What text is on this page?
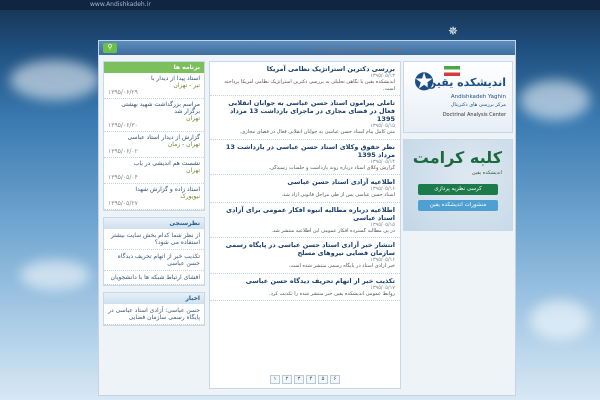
www.Andishkadeh.ir
✵
⚲
صفحه نخست درباره ما ارتباط با ما
برنامه ها
استاد پیدا از دیدار با
تیر - تهران
۱۳۹۵/۰۶/۲۹
مراسم بزرگداشت شهید بهشتی برگزار شد
تهران
۱۳۹۵/۰۶/۳۰
گزارش از دیدار استاد عباسی
تهران - زمان
۱۳۹۵/۰۶/۰۲
نشست هم اندیشی در باب
تهران
۱۳۹۵/۰۵/۰۴
استاد زاده و گزارش شهدا
نیویورک
۱۳۹۵/۰۵/۲۷
نظرسنجی
از نظر شما کدام بخش سایت بیشتر استفاده می شود؟
تکذیب خبر از اتهام تحریف دیدگاه حسن عباسی
افشای ارتباط شبکه ها با دانشجویان
اخبار
حسن عباسی: آزادی استاد عباسی در پایگاه رسمی سازمان فضایی
بررسی دکترین استراتژیک نظامی آمریکا
۱۳۹۵/۰۵/۱۳
اندیشکده یقین با نگاهی تحلیلی به بررسی دکترین استراتژیک نظامی آمریکا پرداخته است.
تاملی پیرامون استاد حسن عباسی به جوانان انقلابی فعال در فضای مجازی در ماجرای بازداشت 13 مرداد 1395
۱۳۹۵/۰۵/۱۵
متن کامل پیام استاد حسن عباسی به جوانان انقلابی فعال در فضای مجازی.
نظر حقوق وکلای استاد حسن عباسی در بازداشت 13 مرداد 1395
۱۳۹۵/۰۵/۱۴
گزارش وکلای استاد درباره روند بازداشت و جلسات رسیدگی.
اطلاعیه آزادی استاد حسن عباسی
۱۳۹۵/۰۵/۱۶
استاد حسن عباسی پس از طی مراحل قانونی آزاد شد.
اطلاعیه درباره مطالبه انبوه افکار عمومی برای آزادی استاد عباسی
۱۳۹۵/۰۵/۱۵
در پی مطالبه گسترده افکار عمومی این اطلاعیه منتشر شد.
انتشار خبر آزادی استاد حسن عباسی در پایگاه رسمی سازمان فضایی نیروهای مسلح
۱۳۹۵/۰۵/۱۶
خبر آزادی استاد در پایگاه رسمی منتشر شده است.
تکذیب خبر از اتهام تحریف دیدگاه حسن عباسی
۱۳۹۵/۰۵/۱۷
روابط عمومی اندیشکده یقین خبر منتشر شده را تکذیب کرد.
۱ ۲ ۳ ۴ ۵ ۶
✪
اندیشکده یقین
Andishkadeh Yaghin
مرکز بررسی های دکترینال
Doctrinal Analysis Center
کلبه کرامت
اندیشکده یقین
کرسی نظریه پردازی
منشورات اندیشکده یقین
